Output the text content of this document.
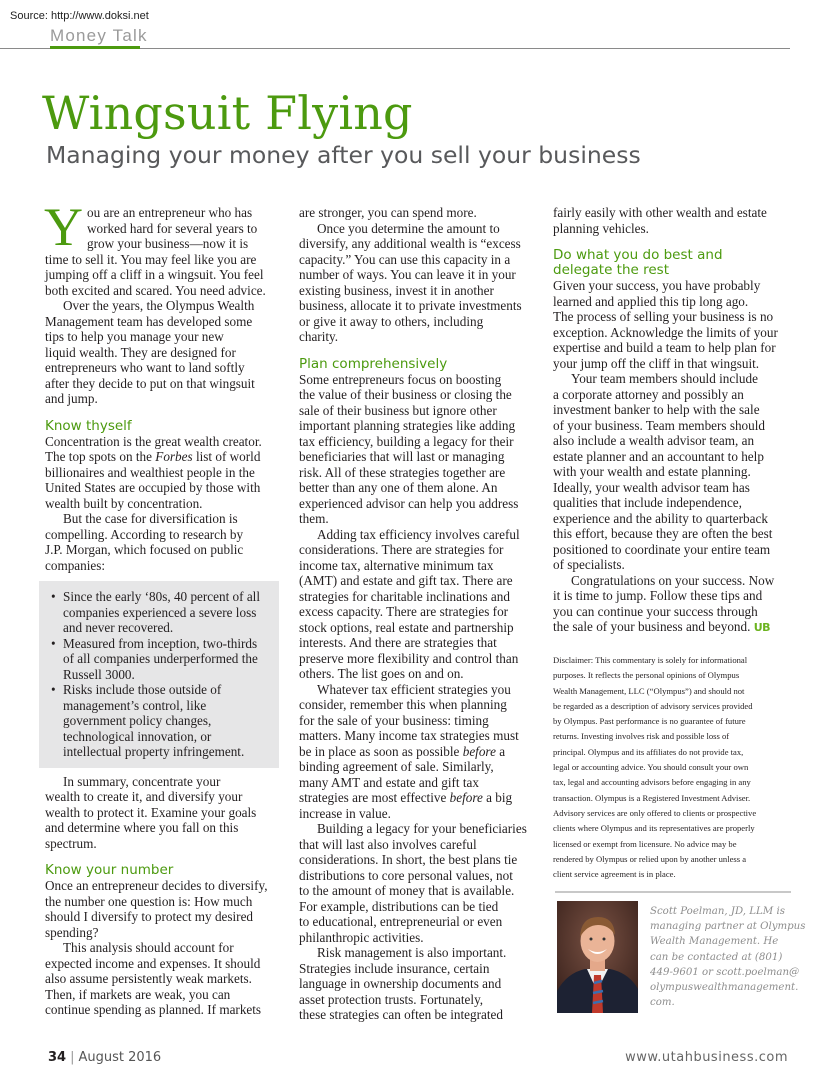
Source: http://www.doksi.net
Money Talk
Wingsuit Flying
Managing your money after you sell your business
Y ou are an entrepreneur who has
worked hard for several years to
grow your business—now it is
time to sell it. You may feel like you are
jumping off a cliff in a wingsuit. You feel
both excited and scared. You need advice.
Over the years, the Olympus Wealth
Management team has developed some
tips to help you manage your new
liquid wealth. They are designed for
entrepreneurs who want to land softly
after they decide to put on that wingsuit
and jump.
Know thyself
Concentration is the great wealth creator.
The top spots on the Forbes list of world
billionaires and wealthiest people in the
United States are occupied by those with
wealth built by concentration.
But the case for diversification is
compelling. According to research by
J.P. Morgan, which focused on public
companies:
• Since the early ‘80s, 40 percent of all
companies experienced a severe loss
and never recovered.
• Measured from inception, two-thirds
of all companies underperformed the
Russell 3000.
• Risks include those outside of
management’s control, like
government policy changes,
technological innovation, or
intellectual property infringement.
In summary, concentrate your
wealth to create it, and diversify your
wealth to protect it. Examine your goals
and determine where you fall on this
spectrum.
Know your number
Once an entrepreneur decides to diversify,
the number one question is: How much
should I diversify to protect my desired
spending?
This analysis should account for
expected income and expenses. It should
also assume persistently weak markets.
Then, if markets are weak, you can
continue spending as planned. If markets
are stronger, you can spend more.
Once you determine the amount to
diversify, any additional wealth is “excess
capacity.” You can use this capacity in a
number of ways. You can leave it in your
existing business, invest it in another
business, allocate it to private investments
or give it away to others, including
charity.
Plan comprehensively
Some entrepreneurs focus on boosting
the value of their business or closing the
sale of their business but ignore other
important planning strategies like adding
tax efficiency, building a legacy for their
beneficiaries that will last or managing
risk. All of these strategies together are
better than any one of them alone. An
experienced advisor can help you address
them.
Adding tax efficiency involves careful
considerations. There are strategies for
income tax, alternative minimum tax
(AMT) and estate and gift tax. There are
strategies for charitable inclinations and
excess capacity. There are strategies for
stock options, real estate and partnership
interests. And there are strategies that
preserve more flexibility and control than
others. The list goes on and on.
Whatever tax efficient strategies you
consider, remember this when planning
for the sale of your business: timing
matters. Many income tax strategies must
be in place as soon as possible before a
binding agreement of sale. Similarly,
many AMT and estate and gift tax
strategies are most effective before a big
increase in value.
Building a legacy for your beneficiaries
that will last also involves careful
considerations. In short, the best plans tie
distributions to core personal values, not
to the amount of money that is available.
For example, distributions can be tied
to educational, entrepreneurial or even
philanthropic activities.
Risk management is also important.
Strategies include insurance, certain
language in ownership documents and
asset protection trusts. Fortunately,
these strategies can often be integrated
fairly easily with other wealth and estate
planning vehicles.
Do what you do best and
delegate the rest
Given your success, you have probably
learned and applied this tip long ago.
The process of selling your business is no
exception. Acknowledge the limits of your
expertise and build a team to help plan for
your jump off the cliff in that wingsuit.
Your team members should include
a corporate attorney and possibly an
investment banker to help with the sale
of your business. Team members should
also include a wealth advisor team, an
estate planner and an accountant to help
with your wealth and estate planning.
Ideally, your wealth advisor team has
qualities that include independence,
experience and the ability to quarterback
this effort, because they are often the best
positioned to coordinate your entire team
of specialists.
Congratulations on your success. Now
it is time to jump. Follow these tips and
you can continue your success through
the sale of your business and beyond. UB
Disclaimer: This commentary is solely for informational
purposes. It reflects the personal opinions of Olympus
Wealth Management, LLC (“Olympus”) and should not
be regarded as a description of advisory services provided
by Olympus. Past performance is no guarantee of future
returns. Investing involves risk and possible loss of
principal. Olympus and its affiliates do not provide tax,
legal or accounting advice. You should consult your own
tax, legal and accounting advisors before engaging in any
transaction. Olympus is a Registered Investment Adviser.
Advisory services are only offered to clients or prospective
clients where Olympus and its representatives are properly
licensed or exempt from licensure. No advice may be
rendered by Olympus or relied upon by another unless a
client service agreement is in place.
Scott Poelman, JD, LLM is
managing partner at Olympus
Wealth Management. He
can be contacted at (801)
449-9601 or scott.poelman@
olympuswealthmanagement.
com.
34 | August 2016	www.utahbusiness.com
